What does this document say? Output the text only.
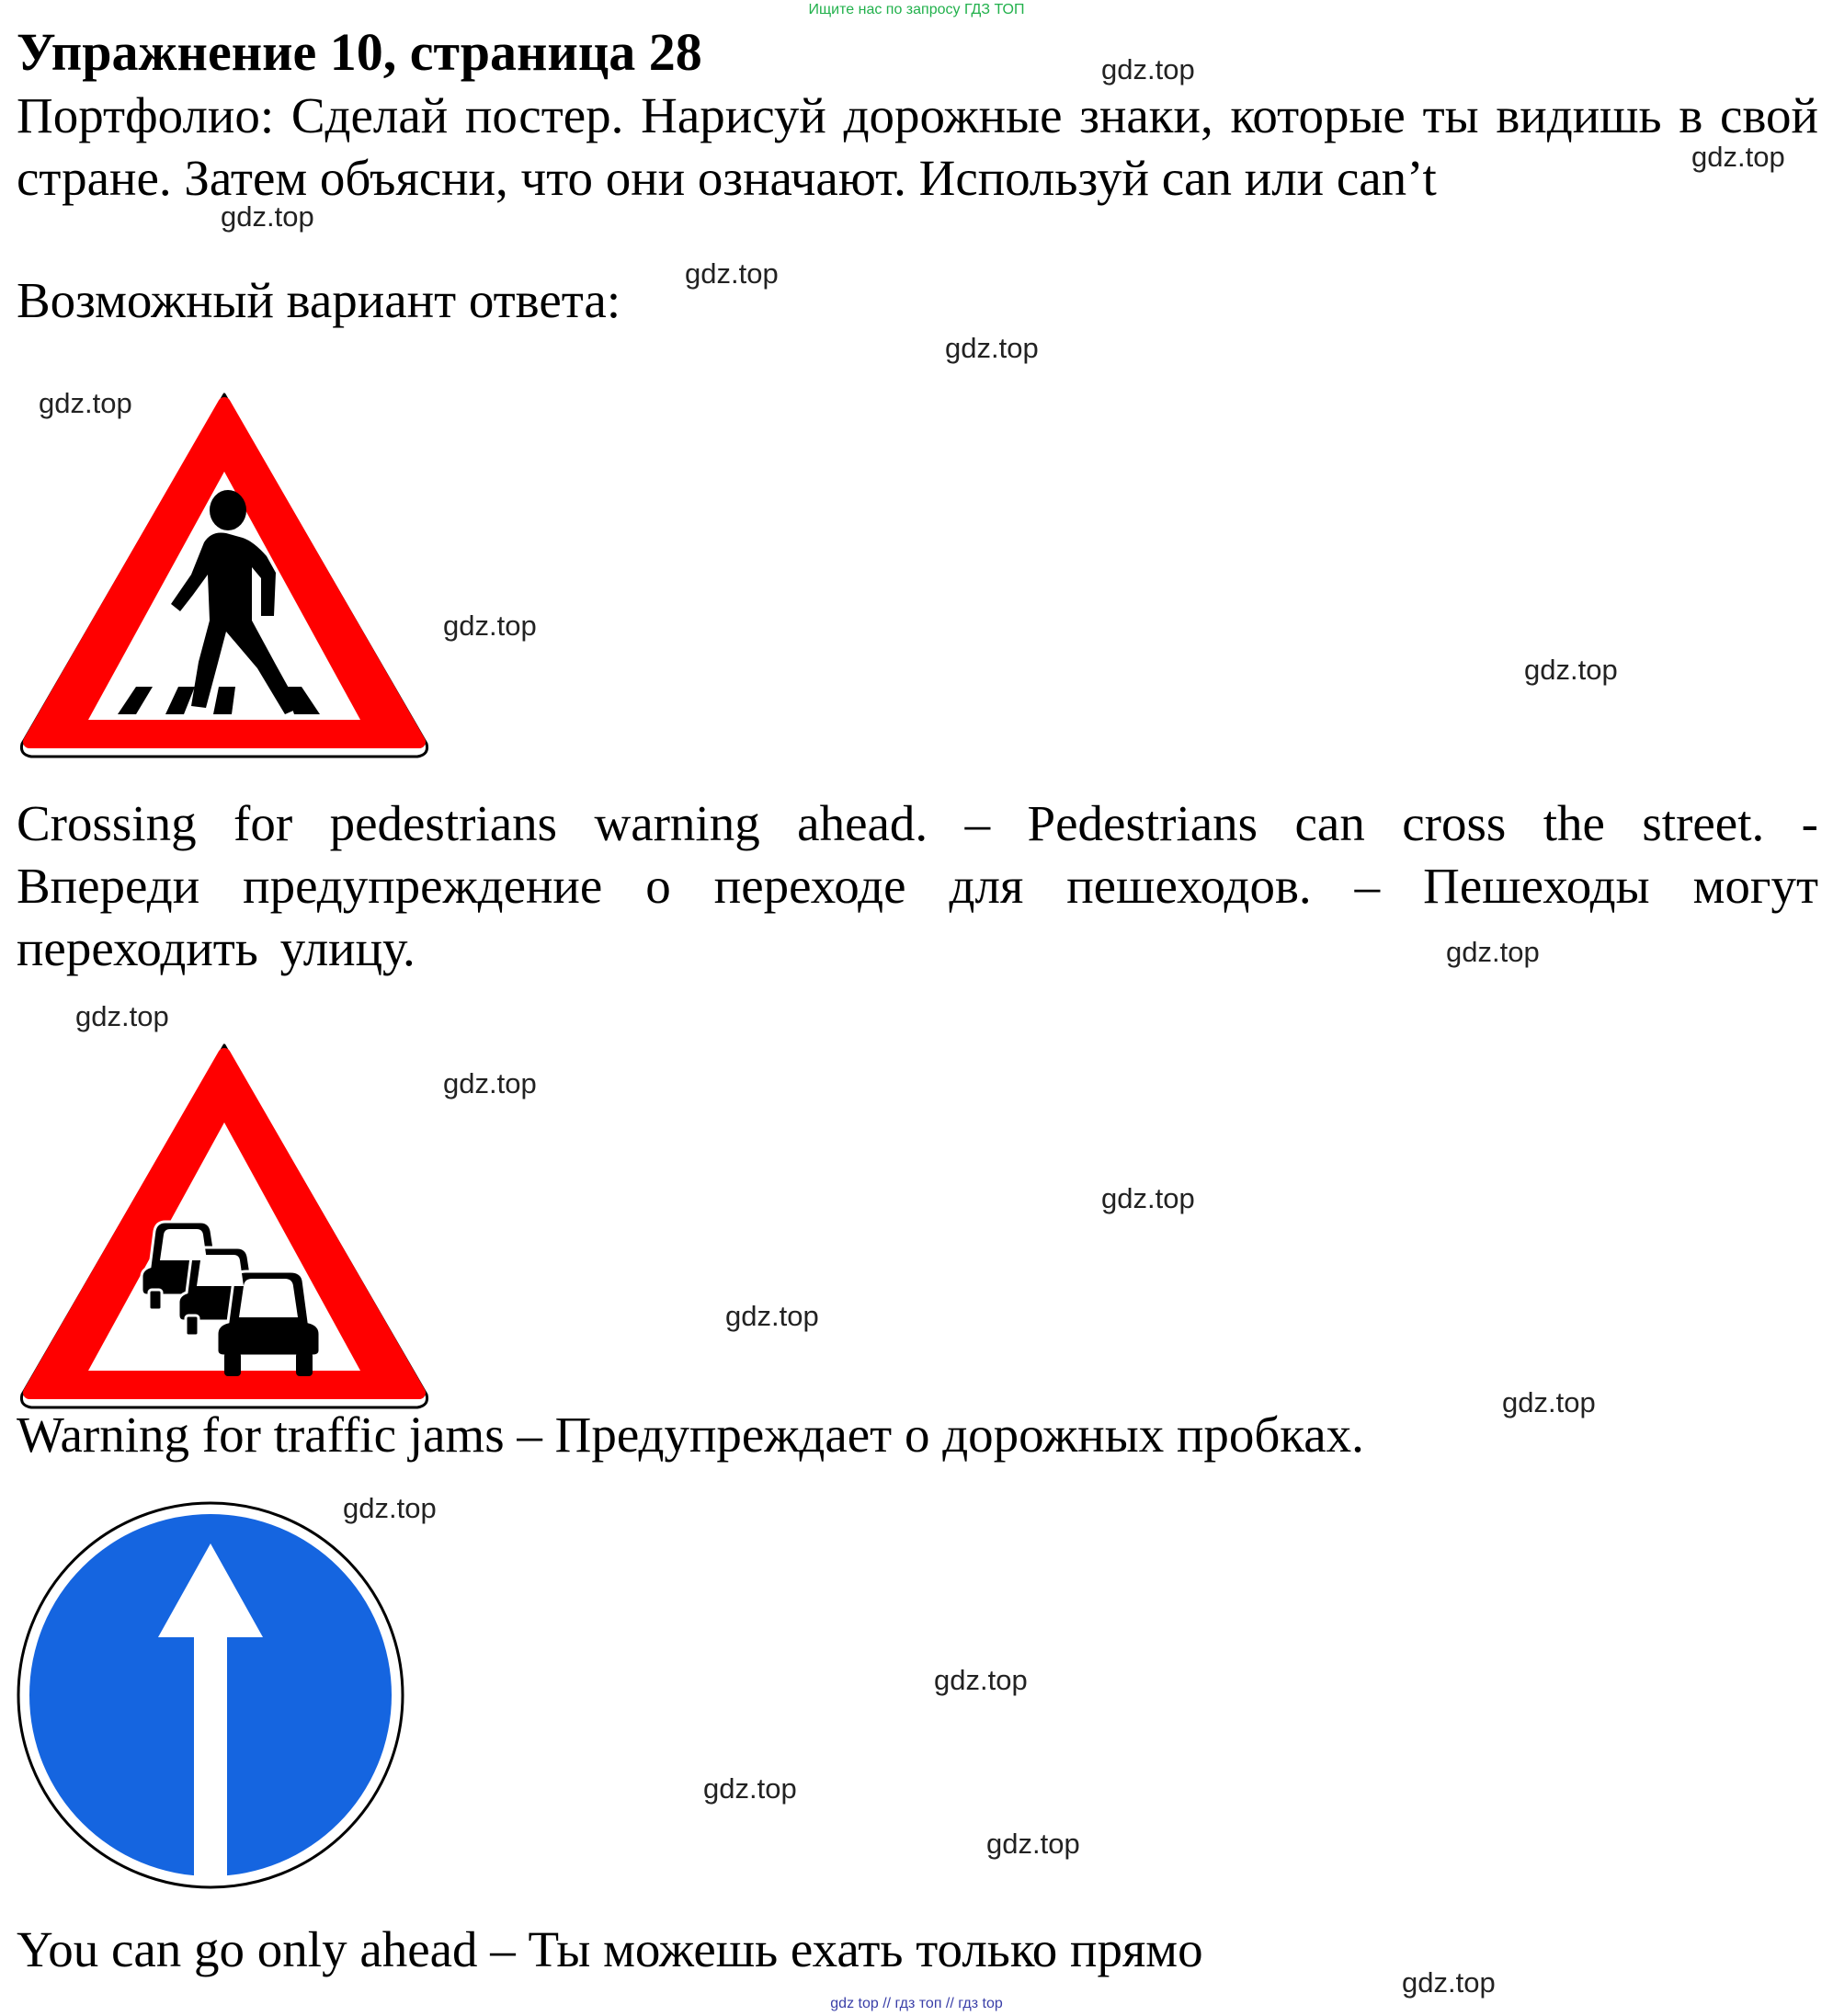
Ищите нас по запросу ГДЗ ТОП
Упражнение 10, страница 28
Портфолио: Сделай постер. Нарисуй дорожные знаки, которые ты видишь в свой стране. Затем объясни, что они означают. Используй can или can’t
Возможный вариант ответа:
Crossing for pedestrians warning ahead. – Pedestrians can cross the street. - Впереди предупреждение о переходе для пешеходов. – Пешеходы могут переходить улицу.
Warning for traffic jams – Предупреждает о дорожных пробках.
You can go only ahead – Ты можешь ехать только прямо
gdz.top
gdz.top
gdz.top
gdz.top
gdz.top
gdz.top
gdz.top
gdz.top
gdz.top
gdz.top
gdz.top
gdz.top
gdz.top
gdz.top
gdz.top
gdz.top
gdz.top
gdz.top
gdz.top
gdz top // гдз топ // гдз top
